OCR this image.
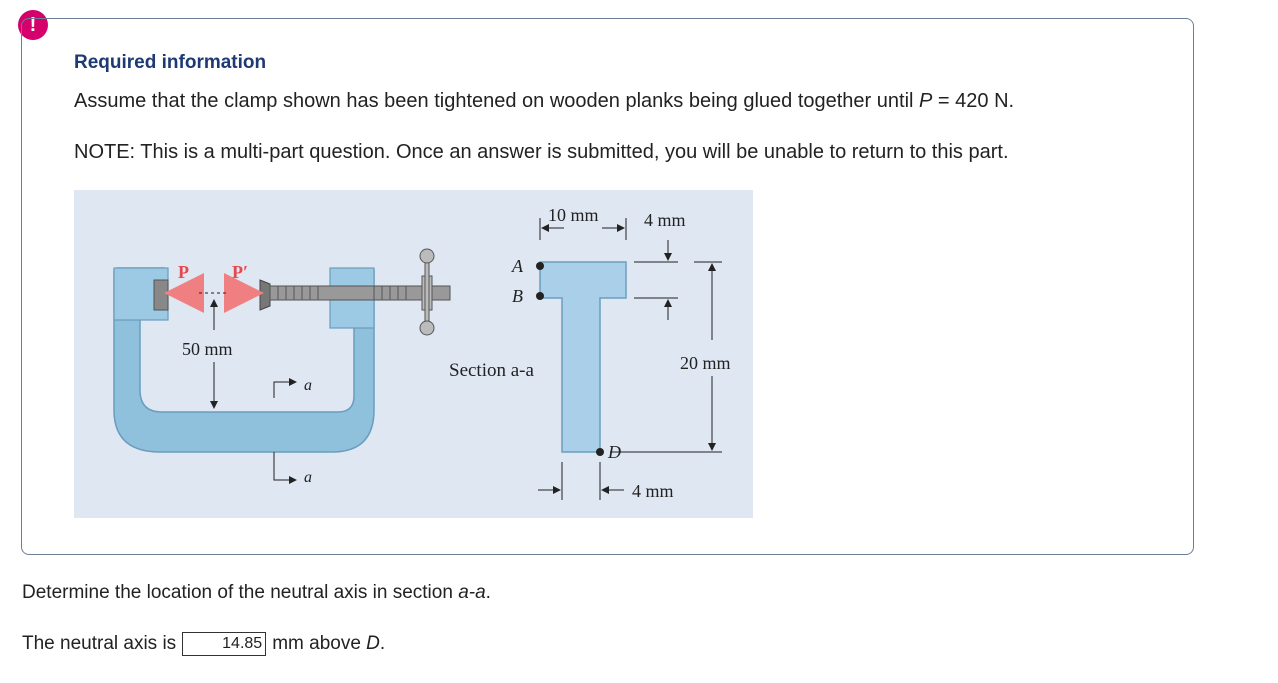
!
Required information
Assume that the clamp shown has been tightened on wooden planks being glued together until P = 420 N.
NOTE: This is a multi-part question. Once an answer is submitted, you will be unable to return to this part.
P P′
50 mm
a
a
A
B
D
10 mm	4 mm
20 mm
4 mm
Section a-a
Determine the location of the neutral axis in section a-a.
The neutral axis is	14.85 mm above D.
